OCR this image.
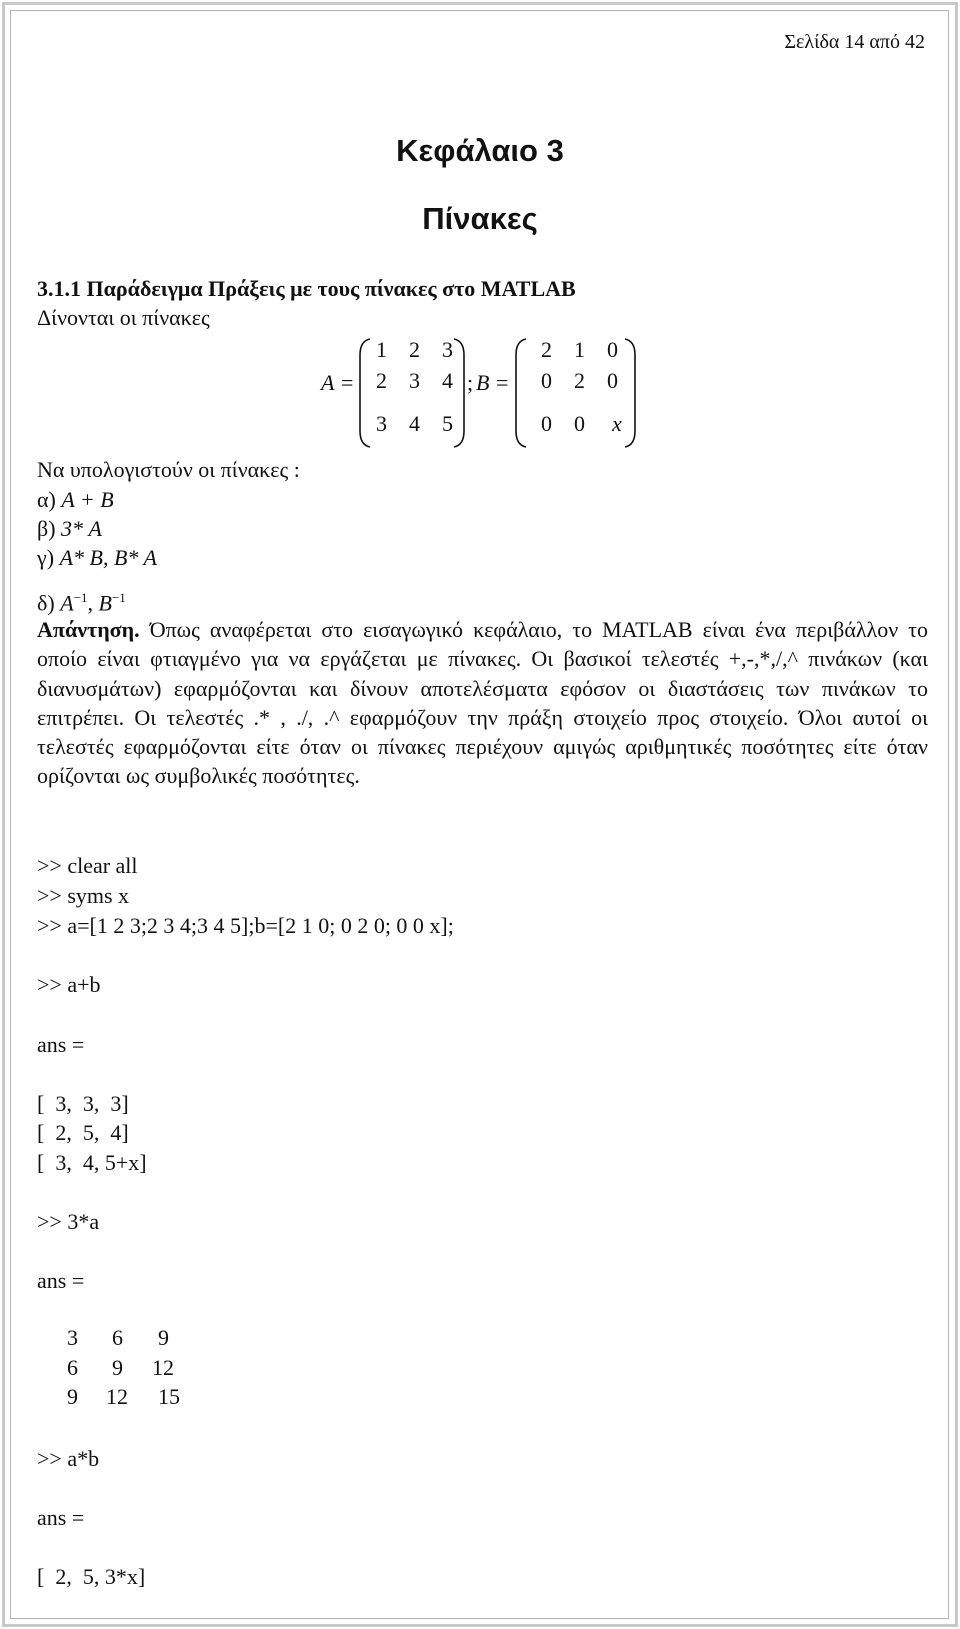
Σελίδα 14 από 42
Κεφάλαιο 3
Πίνακες
3.1.1 Παράδειγμα Πράξεις με τους πίνακες στο MATLAB
Δίνονται οι πίνακες
A =
1 2 3
2 3 4
3 4 5
; B =
2 1 0
0 2 0
0 0 x
Να υπολογιστούν οι πίνακες :
α) A + B
β) 3* A
γ) A* B, B* A
δ) $A^{-1}$, $B^{-1}$
Απάντηση. Όπως αναφέρεται στο εισαγωγικό κεφάλαιο, το MATLAB είναι ένα περιβάλλον το οποίο είναι φτιαγμένο για να εργάζεται με πίνακες. Οι βασικοί τελεστές +,-,*,/,^ πινάκων (και διανυσμάτων) εφαρμόζονται και δίνουν αποτελέσματα εφόσον οι διαστάσεις των πινάκων το επιτρέπει. Οι τελεστές .* , ./, .^ εφαρμόζουν την πράξη στοιχείο προς στοιχείο. Όλοι αυτοί οι τελεστές εφαρμόζονται είτε όταν οι πίνακες περιέχουν αμιγώς αριθμητικές ποσότητες είτε όταν ορίζονται ως συμβολικές ποσότητες.
>> clear all
>> syms x
>> a=[1 2 3;2 3 4;3 4 5];b=[2 1 0; 0 2 0; 0 0 x];
>> a+b
ans =
[  3,  3,  3]
[  2,  5,  4]
[  3,  4, 5+x]
>> 3*a
ans =
3 6 9
6 9 12
9 12 15
>> a*b
ans =
[  2,  5, 3*x]
